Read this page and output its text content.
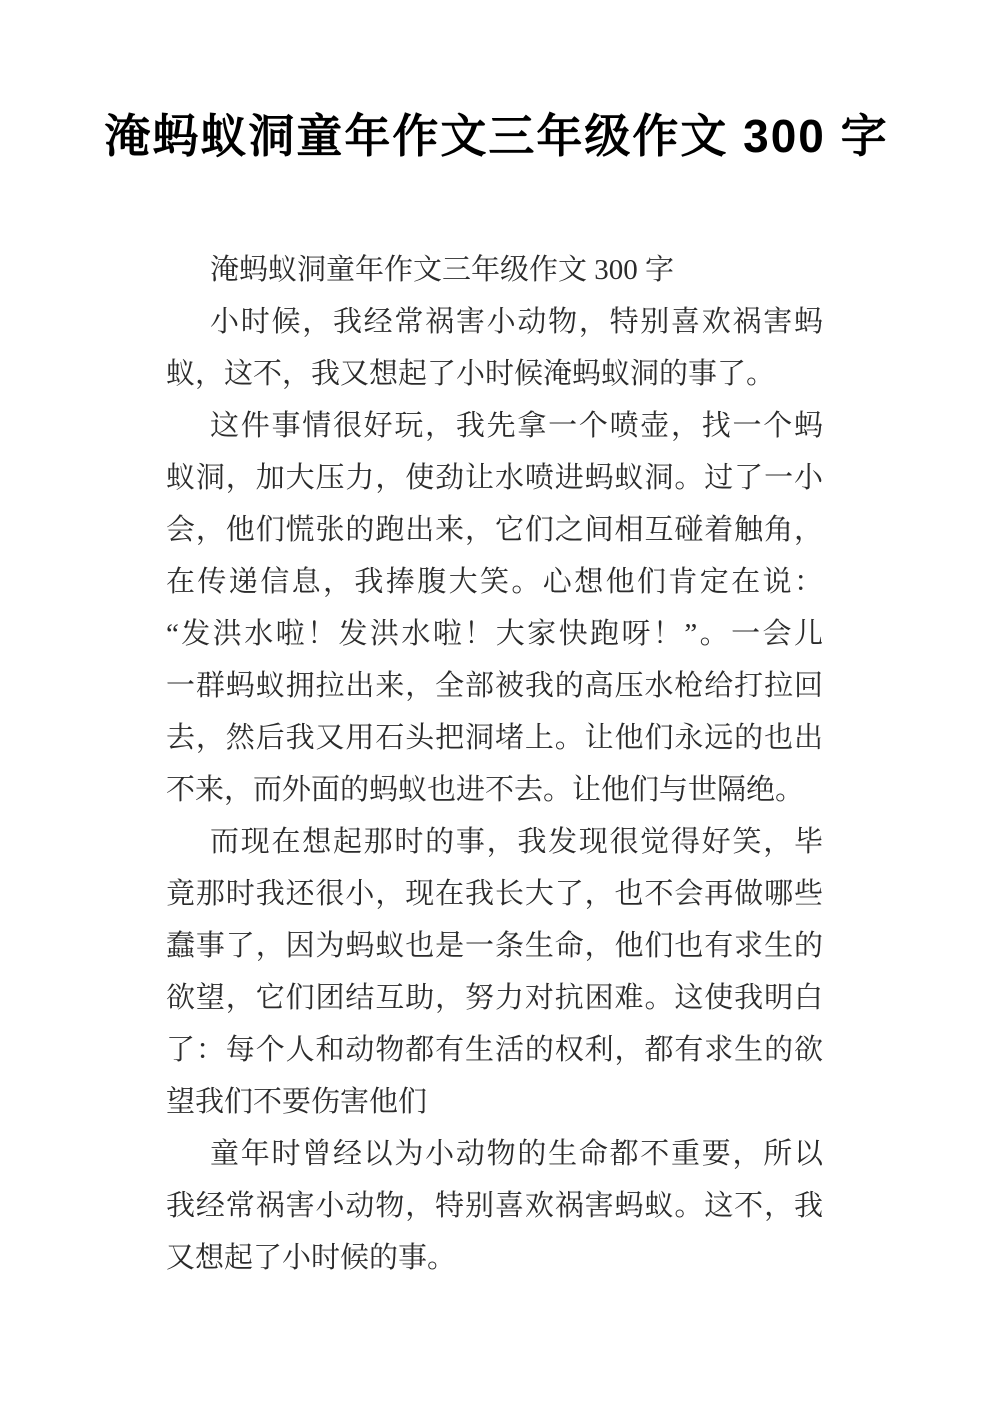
淹蚂蚁洞童年作文三年级作文 300 字
淹蚂蚁洞童年作文三年级作文 300 字
小时候，我经常祸害小动物，特别喜欢祸害蚂
蚁，这不，我又想起了小时候淹蚂蚁洞的事了。
这件事情很好玩，我先拿一个喷壶，找一个蚂
蚁洞，加大压力，使劲让水喷进蚂蚁洞。过了一小
会，他们慌张的跑出来，它们之间相互碰着触角，
在传递信息，我捧腹大笑。心想他们肯定在说：
“发洪水啦！发洪水啦！大家快跑呀！”。一会儿
一群蚂蚁拥拉出来，全部被我的高压水枪给打拉回
去，然后我又用石头把洞堵上。让他们永远的也出
不来，而外面的蚂蚁也进不去。让他们与世隔绝。
而现在想起那时的事，我发现很觉得好笑，毕
竟那时我还很小，现在我长大了，也不会再做哪些
蠢事了，因为蚂蚁也是一条生命，他们也有求生的
欲望，它们团结互助，努力对抗困难。这使我明白
了：每个人和动物都有生活的权利，都有求生的欲
望我们不要伤害他们
童年时曾经以为小动物的生命都不重要，所以
我经常祸害小动物，特别喜欢祸害蚂蚁。这不，我
又想起了小时候的事。
